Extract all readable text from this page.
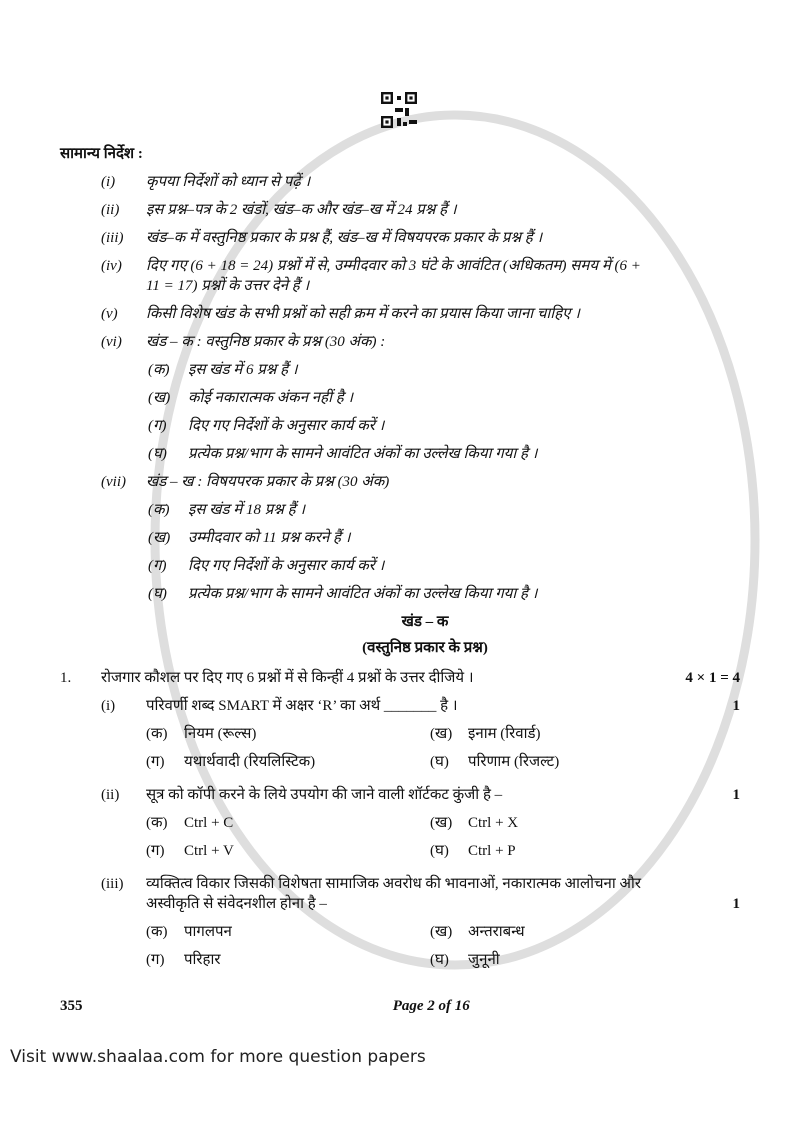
सामान्य निर्देश :
(i)	कृपया निर्देशों को ध्यान से पढ़ें ।
(ii)	इस प्रश्न–पत्र के 2 खंडों, खंड–क और खंड–ख में 24 प्रश्न हैं ।
(iii)	खंड–क में वस्तुनिष्ठ प्रकार के प्रश्न हैं, खंड–ख में विषयपरक प्रकार के प्रश्न हैं ।
(iv)	दिए गए (6 + 18 = 24) प्रश्नों में से, उम्मीदवार को 3 घंटे के आवंटित (अधिकतम) समय में (6 +
11 = 17) प्रश्नों के उत्तर देने हैं ।
(v)	किसी विशेष खंड के सभी प्रश्नों को सही क्रम में करने का प्रयास किया जाना चाहिए ।
(vi)	खंड – क : वस्तुनिष्ठ प्रकार के प्रश्न (30 अंक) :
(क)	इस खंड में 6 प्रश्न हैं ।
(ख)	कोई नकारात्मक अंकन नहीं है ।
(ग)	दिए गए निर्देशों के अनुसार कार्य करें ।
(घ)	प्रत्येक प्रश्न/भाग के सामने आवंटित अंकों का उल्लेख किया गया है ।
(vii)	खंड – ख : विषयपरक प्रकार के प्रश्न (30 अंक)
(क)	इस खंड में 18 प्रश्न हैं ।
(ख)	उम्मीदवार को 11 प्रश्न करने हैं ।
(ग)	दिए गए निर्देशों के अनुसार कार्य करें ।
(घ)	प्रत्येक प्रश्न/भाग के सामने आवंटित अंकों का उल्लेख किया गया है ।
खंड – क
(वस्तुनिष्ठ प्रकार के प्रश्न)
1.	रोजगार कौशल पर दिए गए 6 प्रश्नों में से किन्हीं 4 प्रश्नों के उत्तर दीजिये ।	4 × 1 = 4
(i)	परिवर्णी शब्द SMART में अक्षर ‘R’ का अर्थ _______ है ।	1
(क)	नियम (रूल्स)	(ख)	इनाम (रिवार्ड)
(ग)	यथार्थवादी (रियलिस्टिक)	(घ)	परिणाम (रिजल्ट)
(ii)	सूत्र को कॉपी करने के लिये उपयोग की जाने वाली शॉर्टकट कुंजी है –	1
(क)	Ctrl + C	(ख)	Ctrl + X
(ग)	Ctrl + V	(घ)	Ctrl + P
(iii)	व्यक्तित्व विकार जिसकी विशेषता सामाजिक अवरोध की भावनाओं, नकारात्मक आलोचना और
अस्वीकृति से संवेदनशील होना है –	1
(क)	पागलपन	(ख)	अन्तराबन्ध
(ग)	परिहार	(घ)	जुनूनी
355	Page 2 of 16
Visit www.shaalaa.com for more question papers
